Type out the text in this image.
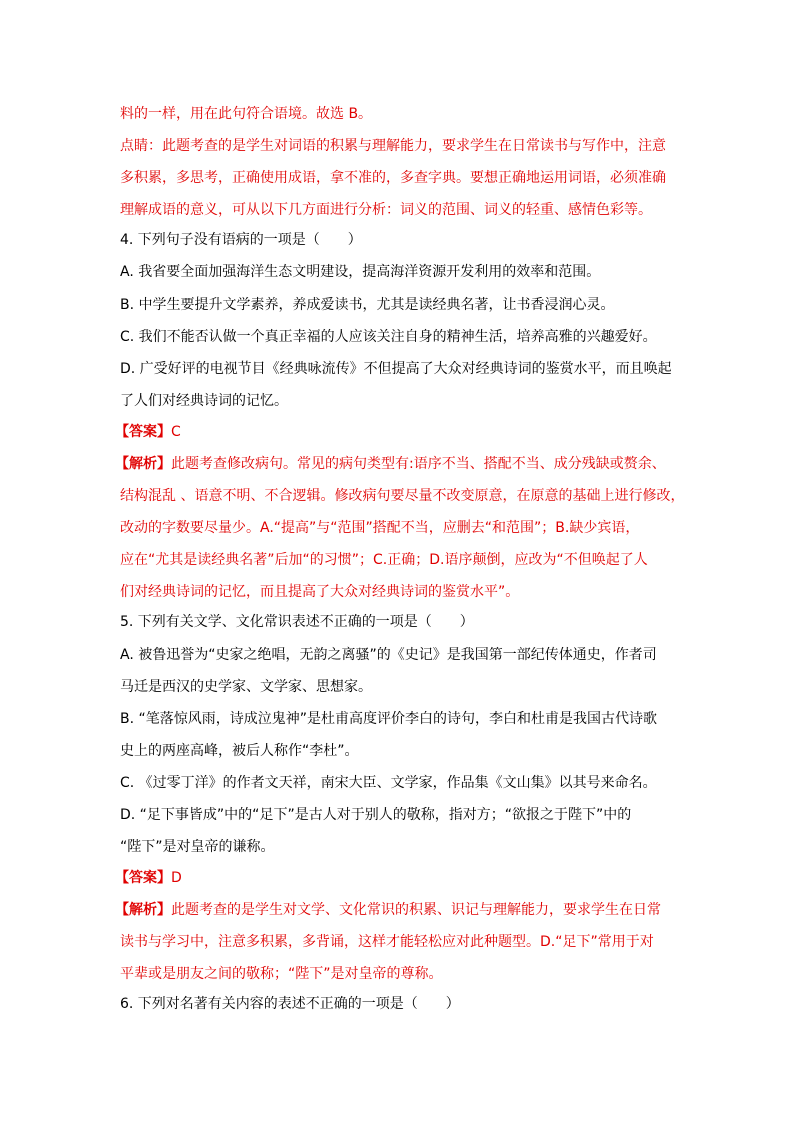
料的一样，用在此句符合语境。故选 B。
点睛：此题考查的是学生对词语的积累与理解能力，要求学生在日常读书与写作中，注意
多积累，多思考，正确使用成语，拿不准的，多查字典。要想正确地运用词语，必须准确
理解成语的意义，可从以下几方面进行分析：词义的范围、词义的轻重、感情色彩等。
4. 下列句子没有语病的一项是（　　）
A. 我省要全面加强海洋生态文明建设，提高海洋资源开发利用的效率和范围。
B. 中学生要提升文学素养，养成爱读书，尤其是读经典名著，让书香浸润心灵。
C. 我们不能否认做一个真正幸福的人应该关注自身的精神生活，培养高雅的兴趣爱好。
D. 广受好评的电视节目《经典咏流传》不但提高了大众对经典诗词的鉴赏水平，而且唤起
了人们对经典诗词的记忆。
【答案】C
【解析】此题考查修改病句。常见的病句类型有:语序不当、搭配不当、成分残缺或赘余、
结构混乱 、语意不明、不合逻辑。修改病句要尽量不改变原意，在原意的基础上进行修改，
改动的字数要尽量少。A.“提高”与“范围”搭配不当，应删去“和范围”；B.缺少宾语，
应在“尤其是读经典名著”后加“的习惯”；C.正确；D.语序颠倒，应改为“不但唤起了人
们对经典诗词的记忆，而且提高了大众对经典诗词的鉴赏水平”。
5. 下列有关文学、文化常识表述不正确的一项是（　　）
A. 被鲁迅誉为“史家之绝唱，无韵之离骚”的《史记》是我国第一部纪传体通史，作者司
马迁是西汉的史学家、文学家、思想家。
B. “笔落惊风雨，诗成泣鬼神”是杜甫高度评价李白的诗句，李白和杜甫是我国古代诗歌
史上的两座高峰，被后人称作“李杜”。
C. 《过零丁洋》的作者文天祥，南宋大臣、文学家，作品集《文山集》以其号来命名。
D. “足下事皆成”中的“足下”是古人对于别人的敬称，指对方；“欲报之于陛下”中的
“陛下”是对皇帝的谦称。
【答案】D
【解析】此题考查的是学生对文学、文化常识的积累、识记与理解能力，要求学生在日常
读书与学习中，注意多积累，多背诵，这样才能轻松应对此种题型。D.“足下”常用于对
平辈或是朋友之间的敬称；“陛下”是对皇帝的尊称。
6. 下列对名著有关内容的表述不正确的一项是（　　）
